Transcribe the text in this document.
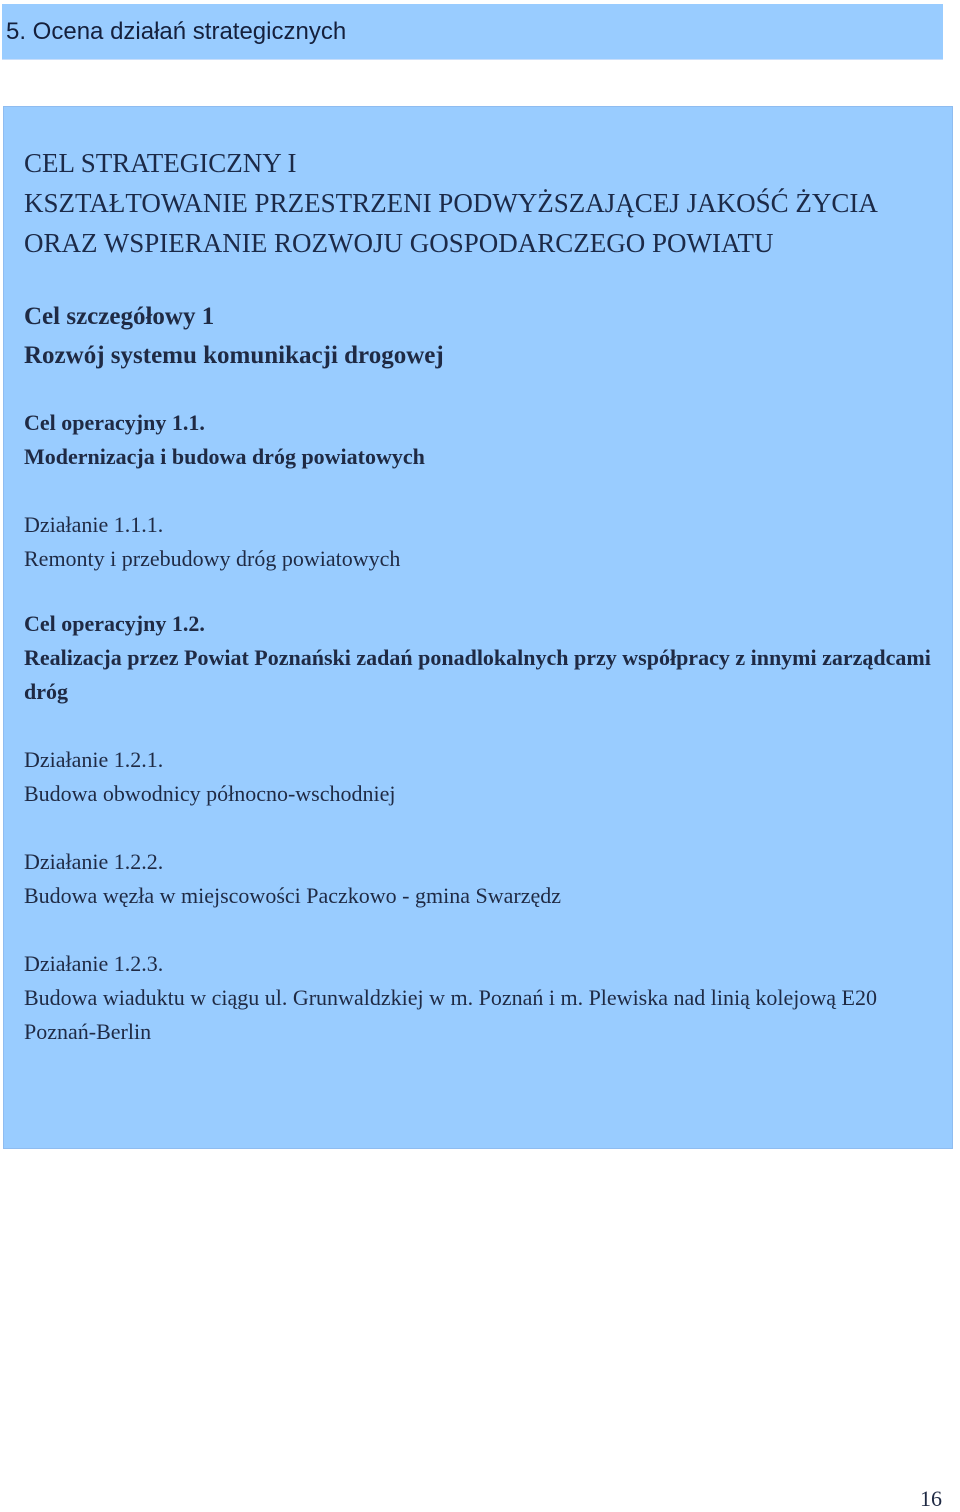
5. Ocena działań strategicznych

CEL STRATEGICZNY I

KSZTAŁTOWANIE PRZESTRZENI PODWYŻSZAJĄCEJ JAKOŚĆ ŻYCIA ORAZ WSPIERANIE ROZWOJU GOSPODARCZEGO POWIATU

Cel szczegółowy 1

Rozwój systemu komunikacji drogowej

Cel operacyjny 1.1.

Modernizacja i budowa dróg powiatowych

Działanie 1.1.1.

Remonty i przebudowy dróg powiatowych

Cel operacyjny 1.2.

Realizacja przez Powiat Poznański zadań ponadlokalnych przy współpracy z innymi zarządcami dróg

Działanie 1.2.1.

Budowa obwodnicy północno-wschodniej

Działanie 1.2.2.

Budowa węzła w miejscowości Paczkowo - gmina Swarzędz

Działanie 1.2.3.

Budowa wiaduktu w ciągu ul. Grunwaldzkiej w m. Poznań i m. Plewiska nad linią kolejową E20 Poznań-Berlin

16
